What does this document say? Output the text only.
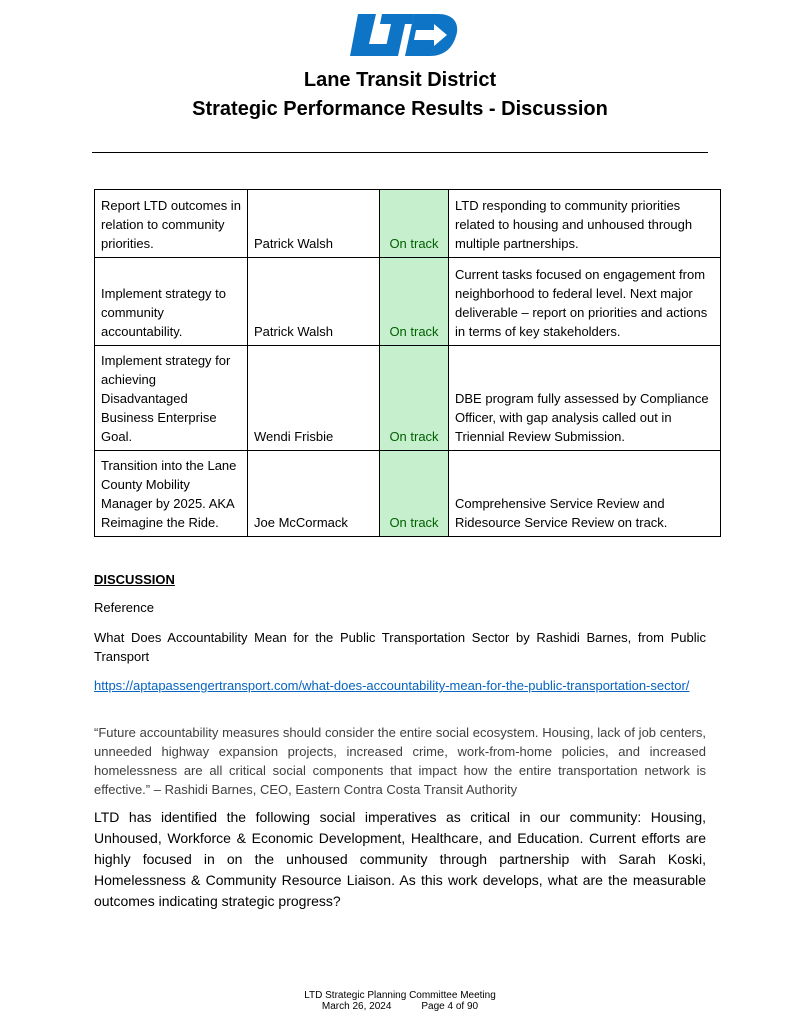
Lane Transit District
Strategic Performance Results - Discussion
Report LTD outcomes in relation to community priorities.	Patrick Walsh	On track	LTD responding to community priorities related to housing and unhoused through multiple partnerships.
Implement strategy to community accountability.	Patrick Walsh	On track	Current tasks focused on engagement from neighborhood to federal level. Next major deliverable – report on priorities and actions in terms of key stakeholders.
Implement strategy for achieving Disadvantaged Business Enterprise Goal.	Wendi Frisbie	On track	DBE program fully assessed by Compliance Officer, with gap analysis called out in Triennial Review Submission.
Transition into the Lane County Mobility Manager by 2025. AKA Reimagine the Ride.	Joe McCormack	On track	Comprehensive Service Review and Ridesource Service Review on track.
DISCUSSION
Reference
What Does Accountability Mean for the Public Transportation Sector by Rashidi Barnes, from Public Transport
https://aptapassengertransport.com/what-does-accountability-mean-for-the-public-transportation-sector/
“Future accountability measures should consider the entire social ecosystem. Housing, lack of job centers, unneeded highway expansion projects, increased crime, work-from-home policies, and increased homelessness are all critical social components that impact how the entire transportation network is effective.” – Rashidi Barnes, CEO, Eastern Contra Costa Transit Authority
LTD has identified the following social imperatives as critical in our community: Housing, Unhoused, Workforce & Economic Development, Healthcare, and Education. Current efforts are highly focused in on the unhoused community through partnership with Sarah Koski, Homelessness & Community Resource Liaison. As this work develops, what are the measurable outcomes indicating strategic progress?
LTD Strategic Planning Committee Meeting
March 26, 2024	Page 4 of 90
